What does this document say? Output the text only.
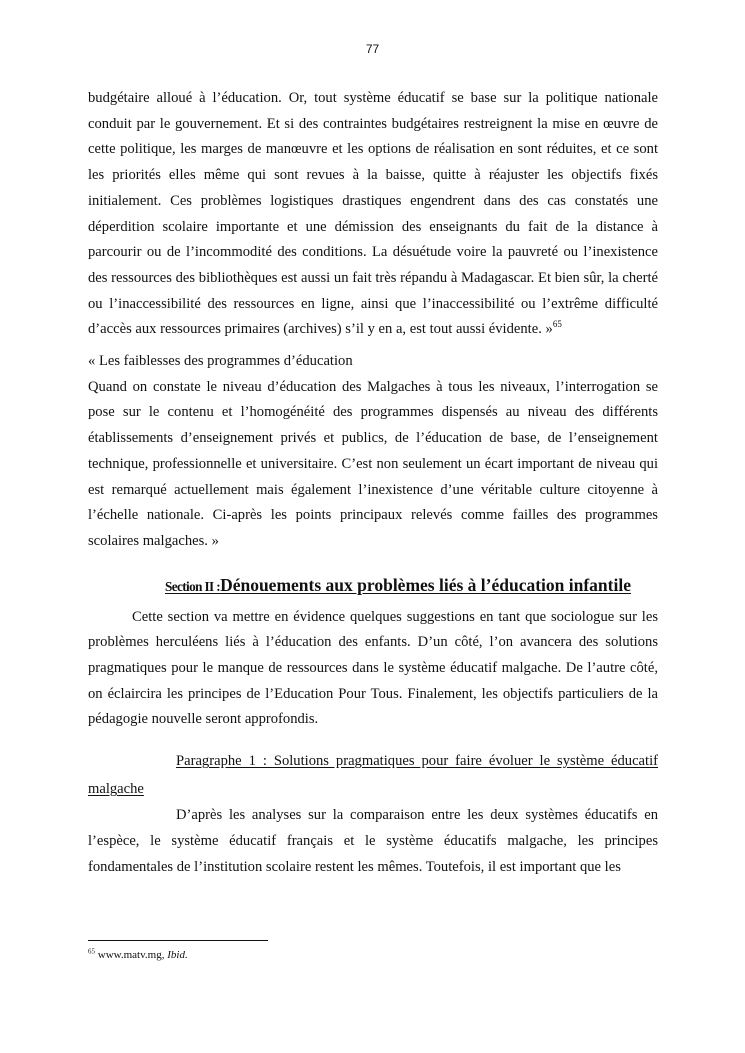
77

budgétaire alloué à l’éducation. Or, tout système éducatif se base sur la politique nationale conduit par le gouvernement. Et si des contraintes budgétaires restreignent la mise en œuvre de cette politique, les marges de manœuvre et les options de réalisation en sont réduites, et ce sont les priorités elles même qui sont revues à la baisse, quitte à réajuster les objectifs fixés initialement. Ces problèmes logistiques drastiques engendrent dans des cas constatés une déperdition scolaire importante et une démission des enseignants du fait de la distance à parcourir ou de l’incommodité des conditions. La désuétude voire la pauvreté ou l’inexistence des ressources des bibliothèques est aussi un fait très répandu à Madagascar. Et bien sûr, la cherté ou l’inaccessibilité des ressources en ligne, ainsi que l’inaccessibilité ou l’extrême difficulté d’accès aux ressources primaires (archives) s’il y en a, est tout aussi évidente. »$^{65}$

« Les faiblesses des programmes d’éducation
Quand on constate le niveau d’éducation des Malgaches à tous les niveaux, l’interrogation se pose sur le contenu et l’homogénéité des programmes dispensés au niveau des différents établissements d’enseignement privés et publics, de l’éducation de base, de l’enseignement technique, professionnelle et universitaire. C’est non seulement un écart important de niveau qui est remarqué actuellement mais également l’inexistence d’une véritable culture citoyenne à l’échelle nationale. Ci-après les points principaux relevés comme failles des programmes scolaires malgaches. »

Section II :Dénouements aux problèmes liés à l’éducation infantile

Cette section va mettre en évidence quelques suggestions en tant que sociologue sur les problèmes herculéens liés à l’éducation des enfants. D’un côté, l’on avancera des solutions pragmatiques pour le manque de ressources dans le système éducatif malgache. De l’autre côté, on éclaircira les principes de l’Education Pour Tous. Finalement, les objectifs particuliers de la pédagogie nouvelle seront approfondis.

Paragraphe 1 : Solutions pragmatiques pour faire évoluer le système éducatif
malgache

D’après les analyses sur la comparaison entre les deux systèmes éducatifs en l’espèce, le système éducatif français et le système éducatifs malgache, les principes fondamentales de l’institution scolaire restent les mêmes. Toutefois, il est important que les

$^{65}$ www.matv.mg, Ibid.
